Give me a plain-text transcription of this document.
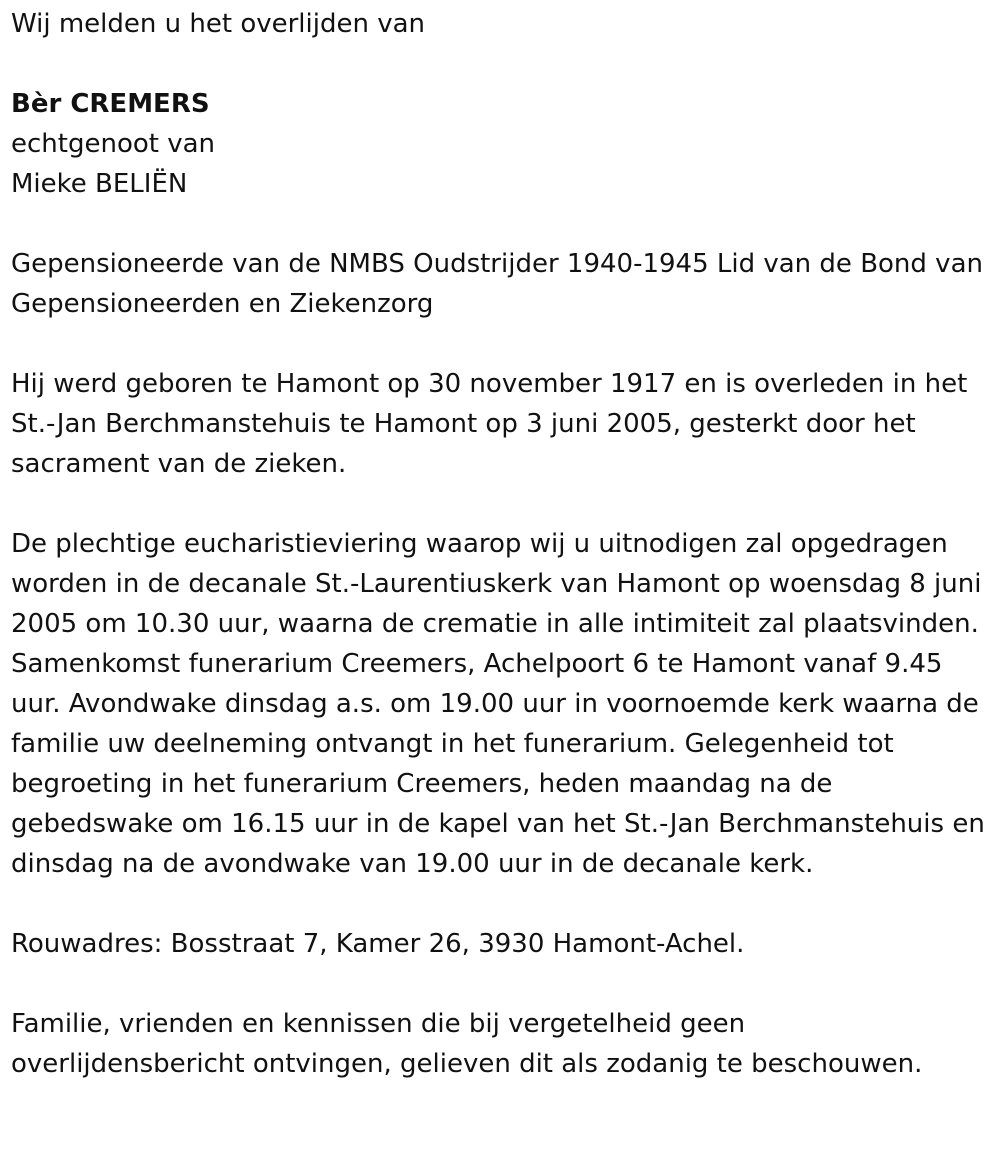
Wij melden u het overlijden van

Bèr CREMERS

echtgenoot van

Mieke BELIËN

Gepensioneerde van de NMBS Oudstrijder 1940-1945 Lid van de Bond van Gepensioneerden en Ziekenzorg

Hij werd geboren te Hamont op 30 november 1917 en is overleden in het St.-Jan Berchmanstehuis te Hamont op 3 juni 2005, gesterkt door het sacrament van de zieken.

De plechtige eucharistieviering waarop wij u uitnodigen zal opgedragen worden in de decanale St.-Laurentiuskerk van Hamont op woensdag 8 juni 2005 om 10.30 uur, waarna de crematie in alle intimiteit zal plaatsvinden. Samenkomst funerarium Creemers, Achelpoort 6 te Hamont vanaf 9.45 uur. Avondwake dinsdag a.s. om 19.00 uur in voornoemde kerk waarna de familie uw deelneming ontvangt in het funerarium. Gelegenheid tot begroeting in het funerarium Creemers, heden maandag na de gebedswake om 16.15 uur in de kapel van het St.-Jan Berchmanstehuis en dinsdag na de avondwake van 19.00 uur in de decanale kerk.

Rouwadres: Bosstraat 7, Kamer 26, 3930 Hamont-Achel.

Familie, vrienden en kennissen die bij vergetelheid geen overlijdensbericht ontvingen, gelieven dit als zodanig te beschouwen.
